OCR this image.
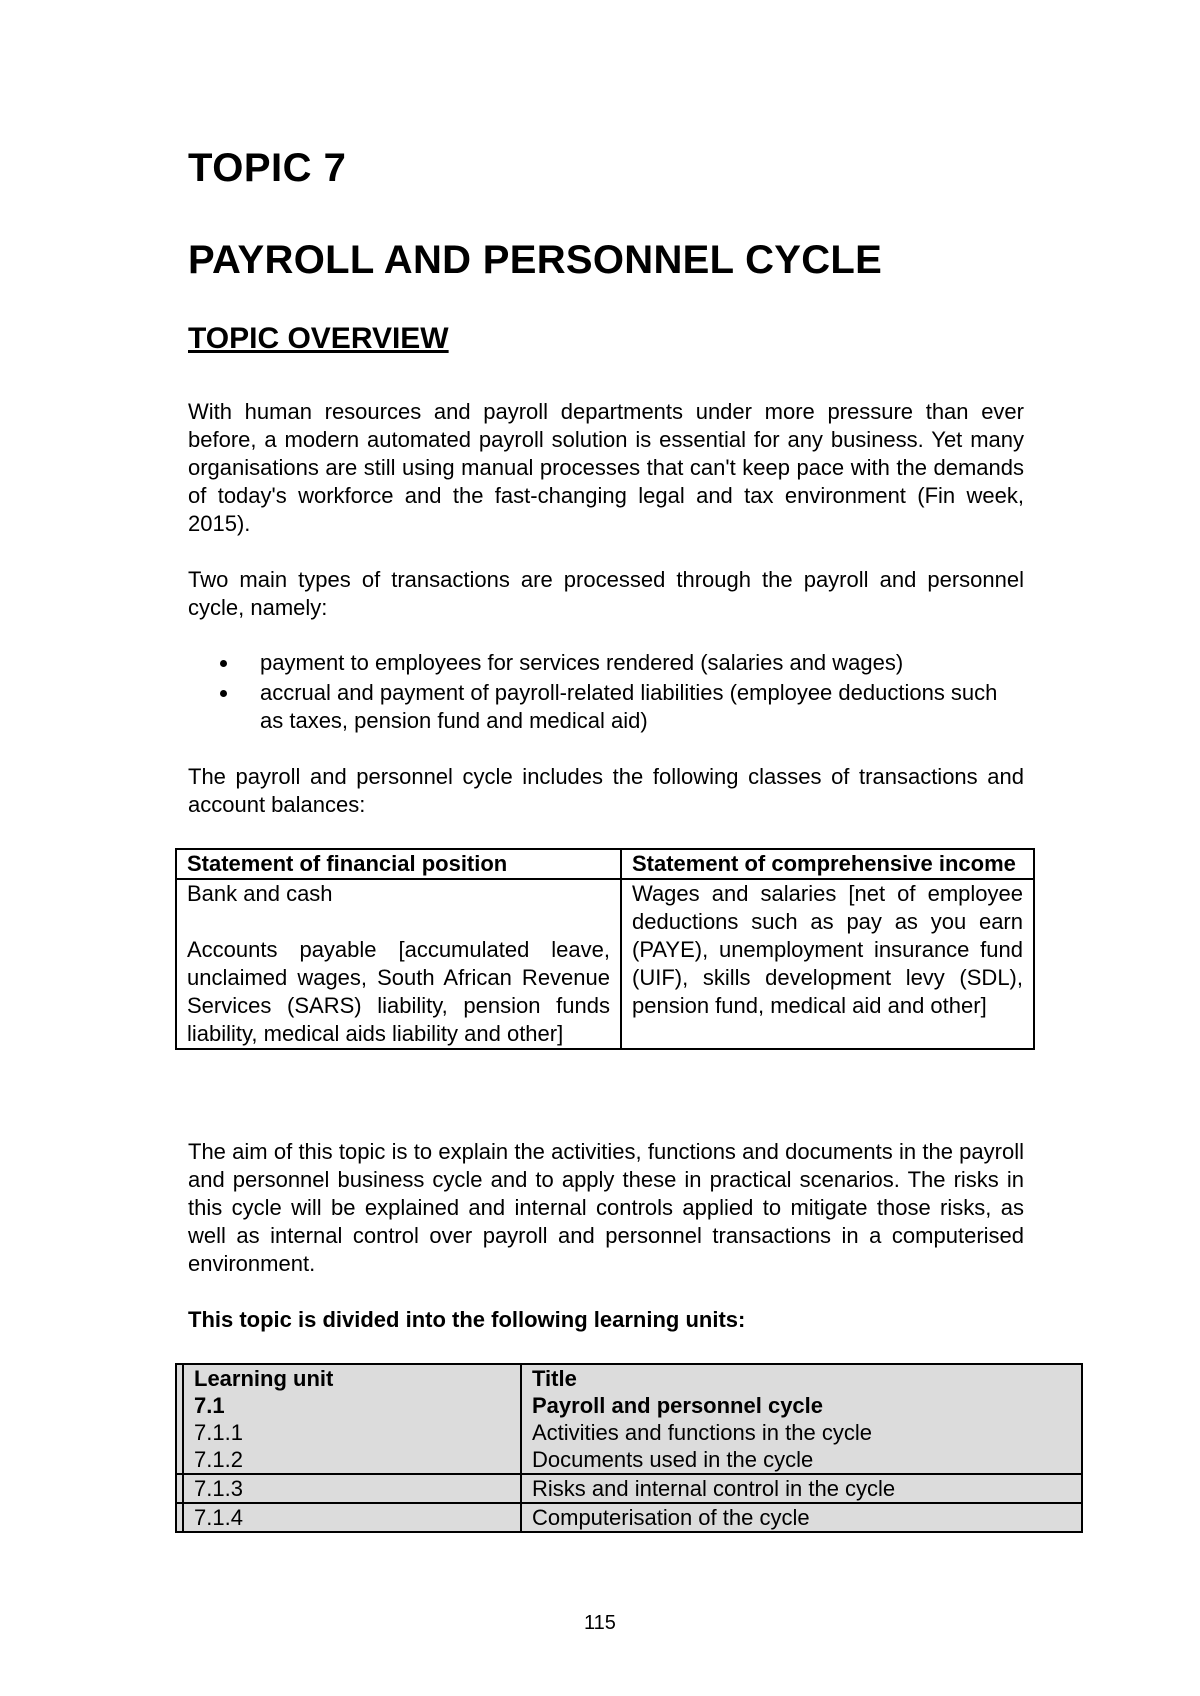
TOPIC 7
PAYROLL AND PERSONNEL CYCLE
TOPIC OVERVIEW

With human resources and payroll departments under more pressure than ever before, a modern automated payroll solution is essential for any business. Yet many organisations are still using manual processes that can't keep pace with the demands of today's workforce and the fast-changing legal and tax environment (Fin week, 2015).

Two main types of transactions are processed through the payroll and personnel cycle, namely:

payment to employees for services rendered (salaries and wages)
accrual and payment of payroll-related liabilities (employee deductions such as taxes, pension fund and medical aid)

The payroll and personnel cycle includes the following classes of transactions and account balances:

Statement of financial position	Statement of comprehensive income

Bank and cash
Accounts payable [accumulated leave, unclaimed wages, South African Revenue Services (SARS) liability, pension funds liability, medical aids liability and other]	Wages and salaries [net of employee deductions such as pay as you earn (PAYE), unemployment insurance fund (UIF), skills development levy (SDL), pension fund, medical aid and other]

The aim of this topic is to explain the activities, functions and documents in the payroll and personnel business cycle and to apply these in practical scenarios. The risks in this cycle will be explained and internal controls applied to mitigate those risks, as well as internal control over payroll and personnel transactions in a computerised environment.

This topic is divided into the following learning units:

	Learning unit	Title
	7.1	Payroll and personnel cycle
	7.1.1	Activities and functions in the cycle
	7.1.2	Documents used in the cycle
	7.1.3	Risks and internal control in the cycle
	7.1.4	Computerisation of the cycle
115
